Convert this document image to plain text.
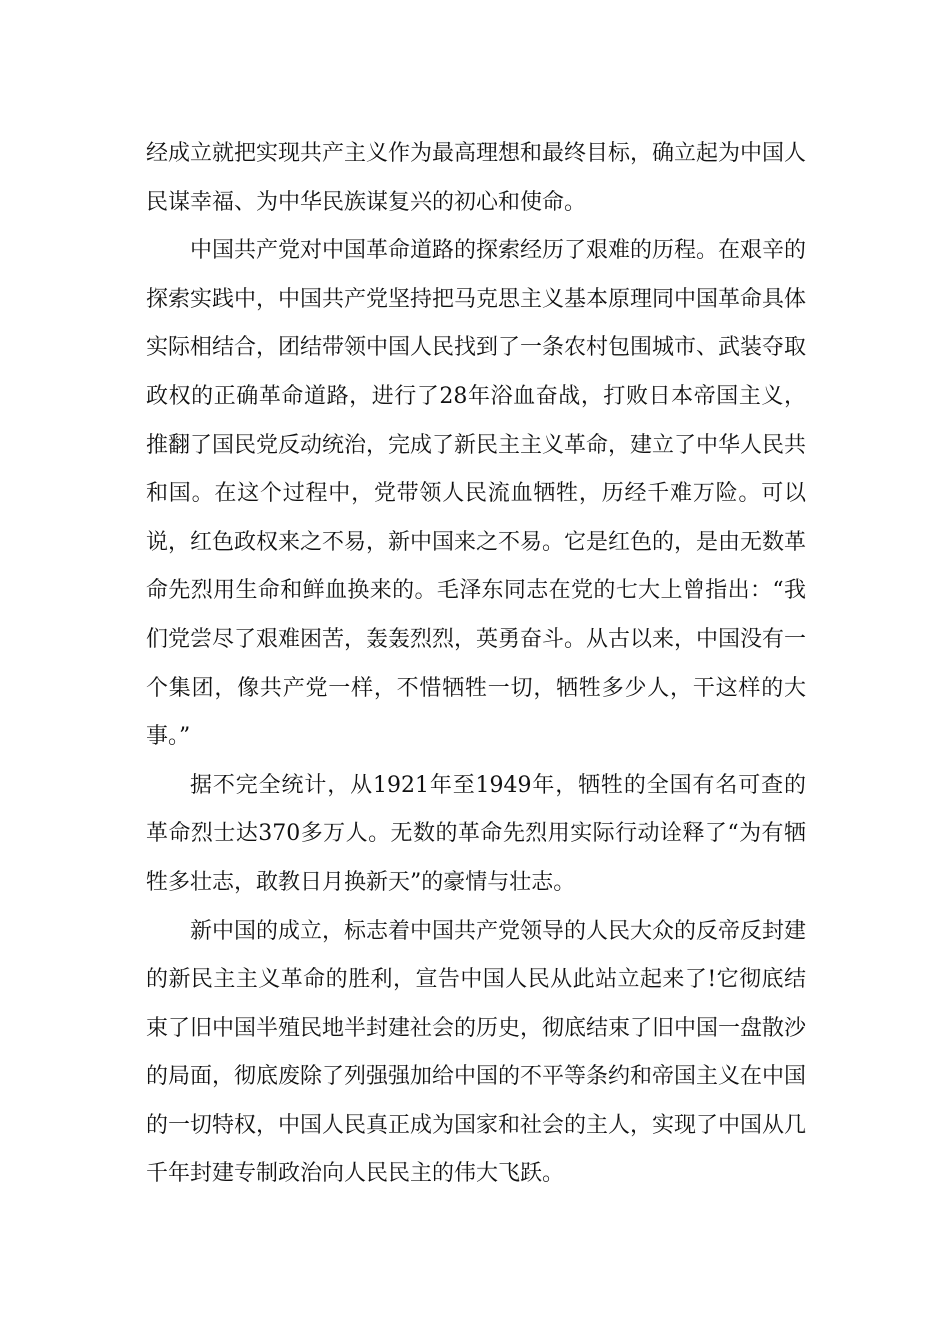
经成立就把实现共产主义作为最高理想和最终目标，确立起为中国人民谋幸福、为中华民族谋复兴的初心和使命。

中国共产党对中国革命道路的探索经历了艰难的历程。在艰辛的探索实践中，中国共产党坚持把马克思主义基本原理同中国革命具体实际相结合，团结带领中国人民找到了一条农村包围城市、武装夺取政权的正确革命道路，进行了28年浴血奋战，打败日本帝国主义，推翻了国民党反动统治，完成了新民主主义革命，建立了中华人民共和国。在这个过程中，党带领人民流血牺牲，历经千难万险。可以说，红色政权来之不易，新中国来之不易。它是红色的，是由无数革命先烈用生命和鲜血换来的。毛泽东同志在党的七大上曾指出：“我们党尝尽了艰难困苦，轰轰烈烈，英勇奋斗。从古以来，中国没有一个集团，像共产党一样，不惜牺牲一切，牺牲多少人，干这样的大事。”

据不完全统计，从1921年至1949年，牺牲的全国有名可查的革命烈士达370多万人。无数的革命先烈用实际行动诠释了“为有牺牲多壮志，敢教日月换新天”的豪情与壮志。

新中国的成立，标志着中国共产党领导的人民大众的反帝反封建的新民主主义革命的胜利，宣告中国人民从此站立起来了!它彻底结束了旧中国半殖民地半封建社会的历史，彻底结束了旧中国一盘散沙的局面，彻底废除了列强强加给中国的不平等条约和帝国主义在中国的一切特权，中国人民真正成为国家和社会的主人，实现了中国从几千年封建专制政治向人民民主的伟大飞跃。
